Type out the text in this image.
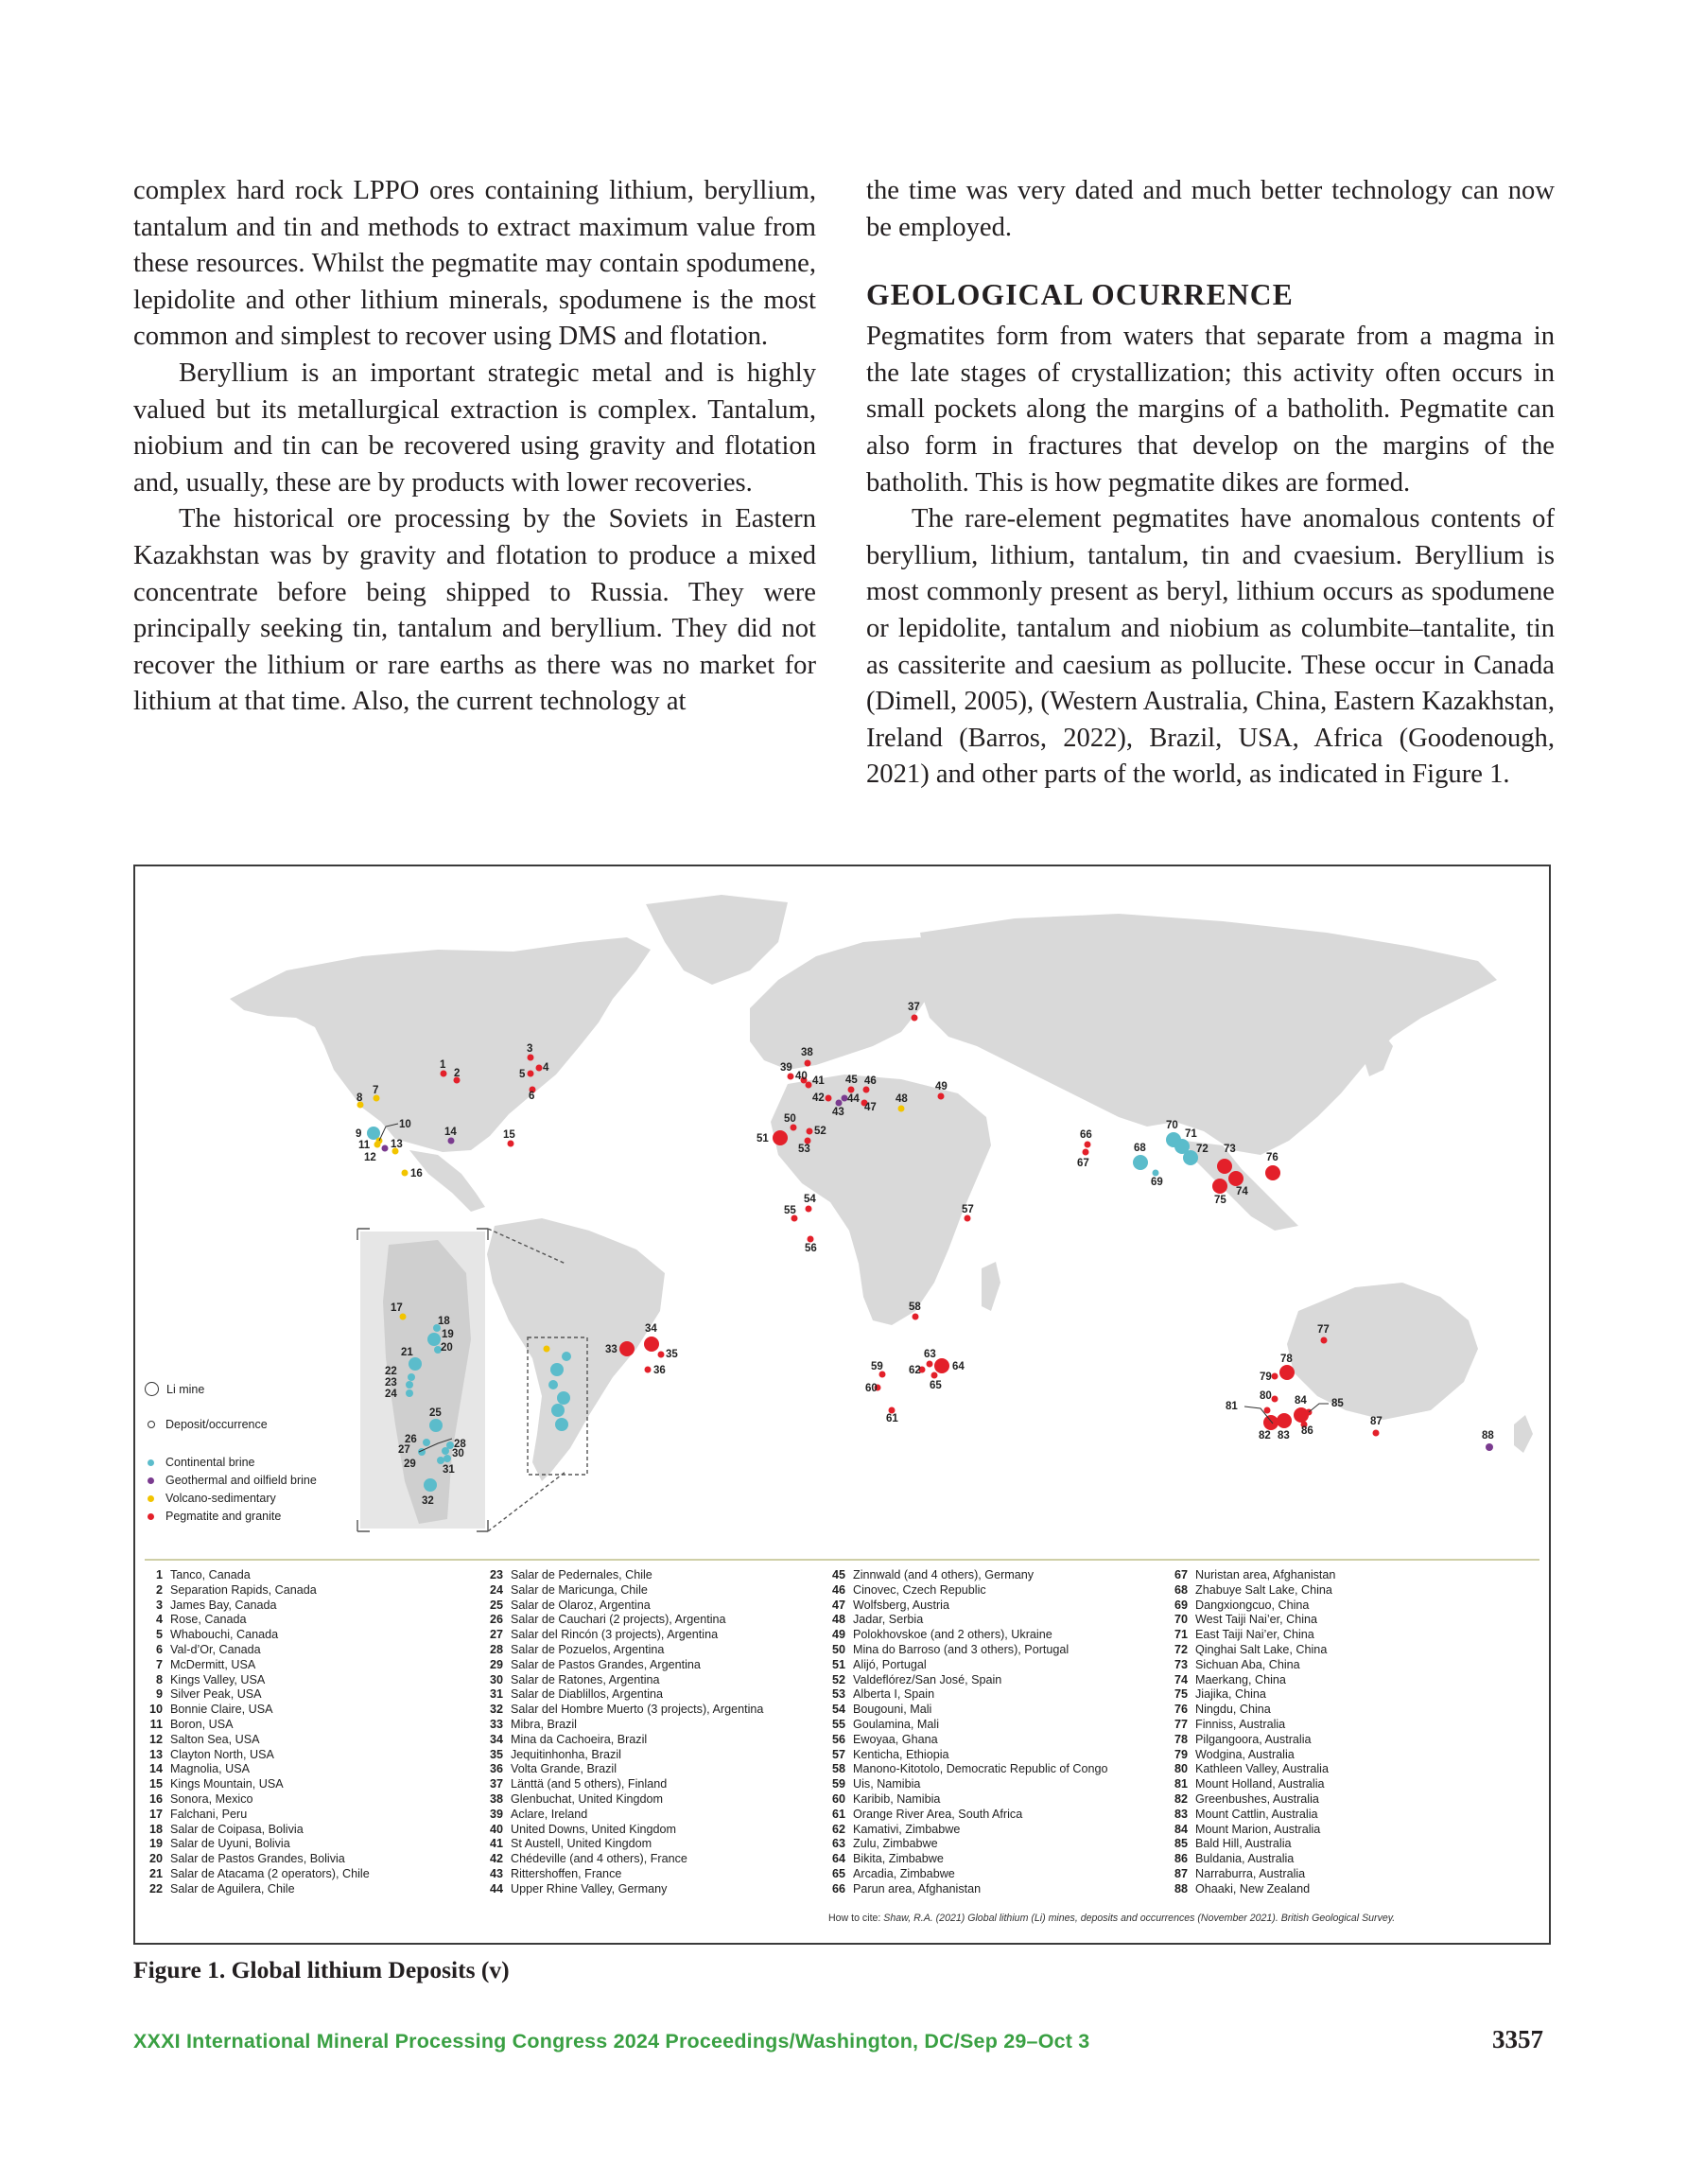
complex hard rock LPPO ores containing lithium, beryllium, tantalum and tin and methods to extract maximum value from these resources. Whilst the pegmatite may contain spodumene, lepidolite and other lithium minerals, spodumene is the most common and simplest to recover using DMS and flotation.

Beryllium is an important strategic metal and is highly valued but its metallurgical extraction is complex. Tantalum, niobium and tin can be recovered using gravity and flotation and, usually, these are by products with lower recoveries.

The historical ore processing by the Soviets in Eastern Kazakhstan was by gravity and flotation to produce a mixed concentrate before being shipped to Russia. They were principally seeking tin, tantalum and beryllium. They did not recover the lithium or rare earths as there was no market for lithium at that time. Also, the current technology at

the time was very dated and much better technology can now be employed.

GEOLOGICAL OCURRENCE

Pegmatites form from waters that separate from a magma in the late stages of crystallization; this activity often occurs in small pockets along the margins of a batholith. Pegmatite can also form in fractures that develop on the margins of the batholith. This is how pegmatite dikes are formed.

The rare-element pegmatites have anomalous contents of beryllium, lithium, tantalum, tin and cvaesium. Beryllium is most commonly present as beryl, lithium occurs as spodumene or lepidolite, tantalum and niobium as columbite–tantalite, tin as cassiterite and caesium as pollucite. These occur in Canada (Dimell, 2005), (Western Australia, China, Eastern Kazakhstan, Ireland (Barros, 2022), Brazil, USA, Africa (Goodenough, 2021) and other parts of the world, as indicated in Figure 1.

1
2
3
4
5
6
7
8
9
10
11
12
13
14	15
16
17
18
19
20
21
22
23
24
25
26
27	28
29
30
31
32
33
34
35
36
37
38
39
40 41
42
43
44
45 46
47
48
49
50
51
52
53
54
55
56
57
58
59
60
61
62
63
64
65
66
67
68
69
70
71
72 73
74
75
76
77
78
79
80
81
82 83
84 85
86
87
88
Li mine
Deposit/occurrence
Continental brine
Geothermal and oilfield brine
Volcano-sedimentary
Pegmatite and granite
1 Tanco, Canada
2 Separation Rapids, Canada
3 James Bay, Canada
4 Rose, Canada
5 Whabouchi, Canada
6 Val-d’Or, Canada
7 McDermitt, USA
8 Kings Valley, USA
9 Silver Peak, USA
10 Bonnie Claire, USA
11 Boron, USA
12 Salton Sea, USA
13 Clayton North, USA
14 Magnolia, USA
15 Kings Mountain, USA
16 Sonora, Mexico
17 Falchani, Peru
18 Salar de Coipasa, Bolivia
19 Salar de Uyuni, Bolivia
20 Salar de Pastos Grandes, Bolivia
21 Salar de Atacama (2 operators), Chile
22 Salar de Aguilera, Chile
23 Salar de Pedernales, Chile
24 Salar de Maricunga, Chile
25 Salar de Olaroz, Argentina
26 Salar de Cauchari (2 projects), Argentina
27 Salar del Rincón (3 projects), Argentina
28 Salar de Pozuelos, Argentina
29 Salar de Pastos Grandes, Argentina
30 Salar de Ratones, Argentina
31 Salar de Diablillos, Argentina
32 Salar del Hombre Muerto (3 projects), Argentina
33 Mibra, Brazil
34 Mina da Cachoeira, Brazil
35 Jequitinhonha, Brazil
36 Volta Grande, Brazil
37 Länttä (and 5 others), Finland
38 Glenbuchat, United Kingdom
39 Aclare, Ireland
40 United Downs, United Kingdom
41 St Austell, United Kingdom
42 Chédeville (and 4 others), France
43 Rittershoffen, France
44 Upper Rhine Valley, Germany
45 Zinnwald (and 4 others), Germany
46 Cinovec, Czech Republic
47 Wolfsberg, Austria
48 Jadar, Serbia
49 Polokhovskoe (and 2 others), Ukraine
50 Mina do Barroso (and 3 others), Portugal
51 Alijó, Portugal
52 Valdeflórez/San José, Spain
53 Alberta I, Spain
54 Bougouni, Mali
55 Goulamina, Mali
56 Ewoyaa, Ghana
57 Kenticha, Ethiopia
58 Manono-Kitotolo, Democratic Republic of Congo
59 Uis, Namibia
60 Karibib, Namibia
61 Orange River Area, South Africa
62 Kamativi, Zimbabwe
63 Zulu, Zimbabwe
64 Bikita, Zimbabwe
65 Arcadia, Zimbabwe
66 Parun area, Afghanistan
67 Nuristan area, Afghanistan
68 Zhabuye Salt Lake, China
69 Dangxiongcuo, China
70 West Taiji Nai’er, China
71 East Taiji Nai’er, China
72 Qinghai Salt Lake, China
73 Sichuan Aba, China
74 Maerkang, China
75 Jiajika, China
76 Ningdu, China
77 Finniss, Australia
78 Pilgangoora, Australia
79 Wodgina, Australia
80 Kathleen Valley, Australia
81 Mount Holland, Australia
82 Greenbushes, Australia
83 Mount Cattlin, Australia
84 Mount Marion, Australia
85 Bald Hill, Australia
86 Buldania, Australia
87 Narraburra, Australia
88 Ohaaki, New Zealand
How to cite: Shaw, R.A. (2021) Global lithium (Li) mines, deposits and occurrences (November 2021). British Geological Survey.
Figure 1. Global lithium Deposits (v)
XXXI International Mineral Processing Congress 2024 Proceedings/Washington, DC/Sep 29–Oct 3	3357
